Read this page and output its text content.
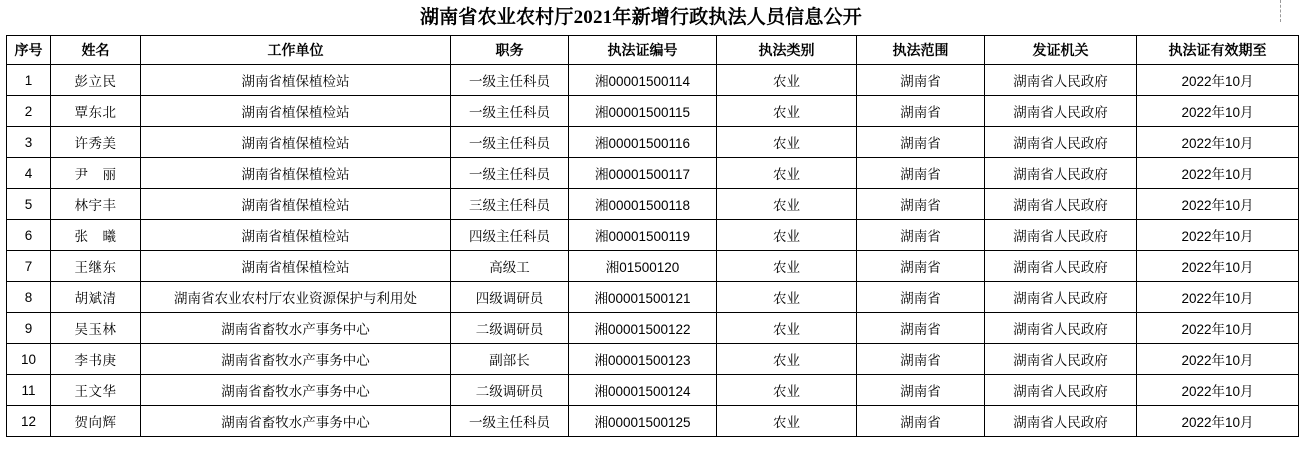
湖南省农业农村厅2021年新增行政执法人员信息公开
序号	姓名	工作单位	职务	执法证编号	执法类别	执法范围	发证机关	执法证有效期至
1	彭立民	湖南省植保植检站	一级主任科员	湘00001500114	农业	湖南省	湖南省人民政府	2022年10月
2	覃东北	湖南省植保植检站	一级主任科员	湘00001500115	农业	湖南省	湖南省人民政府	2022年10月
3	许秀美	湖南省植保植检站	一级主任科员	湘00001500116	农业	湖南省	湖南省人民政府	2022年10月
4	尹　丽	湖南省植保植检站	一级主任科员	湘00001500117	农业	湖南省	湖南省人民政府	2022年10月
5	林宇丰	湖南省植保植检站	三级主任科员	湘00001500118	农业	湖南省	湖南省人民政府	2022年10月
6	张　曦	湖南省植保植检站	四级主任科员	湘00001500119	农业	湖南省	湖南省人民政府	2022年10月
7	王继东	湖南省植保植检站	高级工	湘01500120	农业	湖南省	湖南省人民政府	2022年10月
8	胡斌清	湖南省农业农村厅农业资源保护与利用处	四级调研员	湘00001500121	农业	湖南省	湖南省人民政府	2022年10月
9	吴玉林	湖南省畜牧水产事务中心	二级调研员	湘00001500122	农业	湖南省	湖南省人民政府	2022年10月
10	李书庚	湖南省畜牧水产事务中心	副部长	湘00001500123	农业	湖南省	湖南省人民政府	2022年10月
11	王文华	湖南省畜牧水产事务中心	二级调研员	湘00001500124	农业	湖南省	湖南省人民政府	2022年10月
12	贺向辉	湖南省畜牧水产事务中心	一级主任科员	湘00001500125	农业	湖南省	湖南省人民政府	2022年10月
